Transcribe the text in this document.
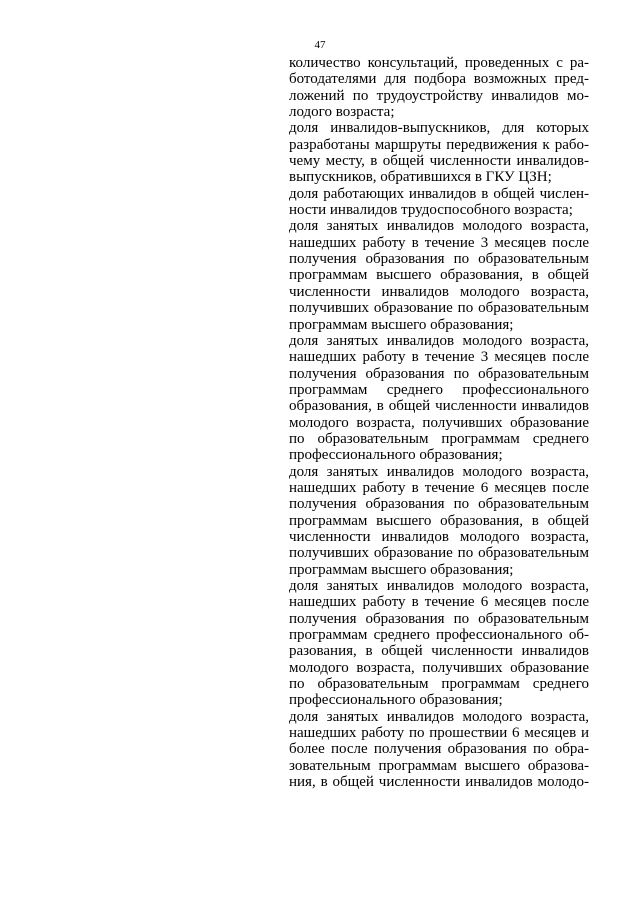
47
количество консультаций, проведенных с ра-
ботодателями для подбора возможных пред-
ложений по трудоустройству инвалидов мо-
лодого возраста;
доля инвалидов-выпускников, для которых
разработаны маршруты передвижения к рабо-
чему месту, в общей численности инвалидов-
выпускников, обратившихся в ГКУ ЦЗН;
доля работающих инвалидов в общей числен-
ности инвалидов трудоспособного возраста;
доля занятых инвалидов молодого возраста,
нашедших работу в течение 3 месяцев после
получения образования по образовательным
программам высшего образования, в общей
численности инвалидов молодого возраста,
получивших образование по образовательным
программам высшего образования;
доля занятых инвалидов молодого возраста,
нашедших работу в течение 3 месяцев после
получения образования по образовательным
программам среднего профессионального
образования, в общей численности инвалидов
молодого возраста, получивших образование
по образовательным программам среднего
профессионального образования;
доля занятых инвалидов молодого возраста,
нашедших работу в течение 6 месяцев после
получения образования по образовательным
программам высшего образования, в общей
численности инвалидов молодого возраста,
получивших образование по образовательным
программам высшего образования;
доля занятых инвалидов молодого возраста,
нашедших работу в течение 6 месяцев после
получения образования по образовательным
программам среднего профессионального об-
разования, в общей численности инвалидов
молодого возраста, получивших образование
по образовательным программам среднего
профессионального образования;
доля занятых инвалидов молодого возраста,
нашедших работу по прошествии 6 месяцев и
более после получения образования по обра-
зовательным программам высшего образова-
ния, в общей численности инвалидов молодо-
